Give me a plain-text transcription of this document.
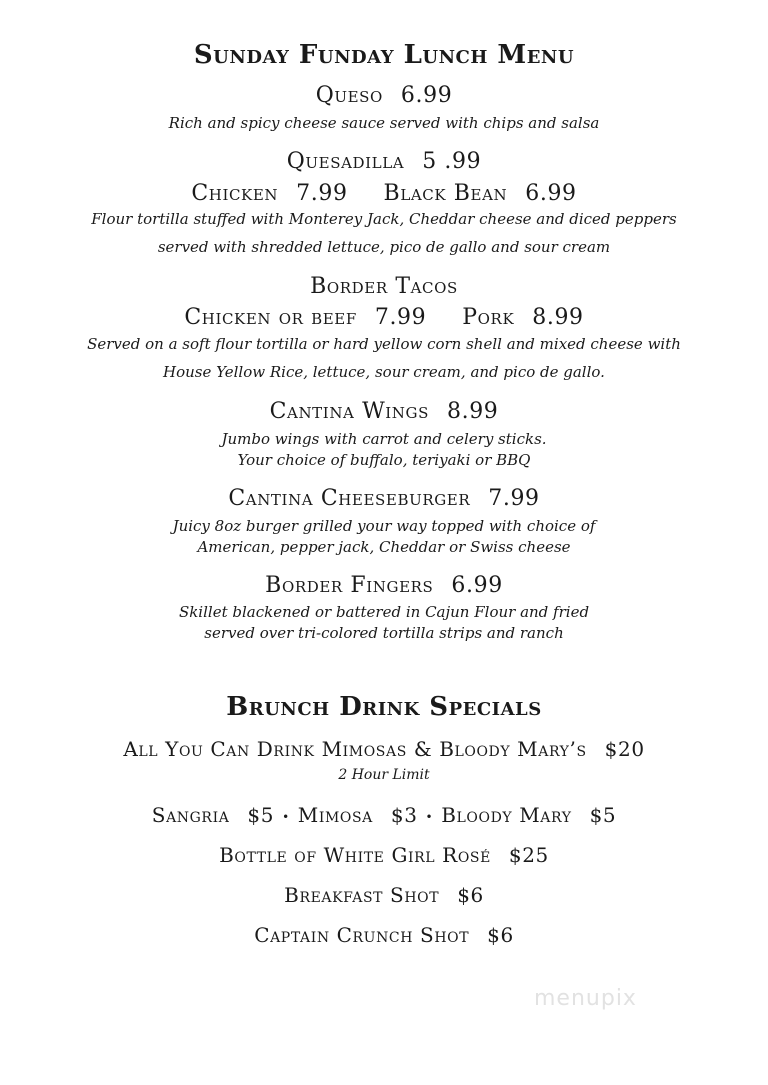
Sunday Funday Lunch Menu
Queso 6.99
Rich and spicy cheese sauce served with chips and salsa
Quesadilla 5 .99
Chicken 7.99 Black Bean 6.99
Flour tortilla stuffed with Monterey Jack, Cheddar cheese and diced peppers
served with shredded lettuce, pico de gallo and sour cream
Border Tacos
Chicken or beef 7.99 Pork 8.99
Served on a soft flour tortilla or hard yellow corn shell and mixed cheese with
House Yellow Rice, lettuce, sour cream, and pico de gallo.
Cantina Wings 8.99
Jumbo wings with carrot and celery sticks.
Your choice of buffalo, teriyaki or BBQ
Cantina Cheeseburger 7.99
Juicy 8oz burger grilled your way topped with choice of
American, pepper jack, Cheddar or Swiss cheese
Border Fingers 6.99
Skillet blackened or battered in Cajun Flour and fried
served over tri-colored tortilla strips and ranch
Brunch Drink Specials
All You Can Drink Mimosas & Bloody Mary’s $20
2 Hour Limit
Sangria $5 • Mimosa $3 • Bloody Mary $5
Bottle of White Girl Rosé $25
Breakfast Shot $6
Captain Crunch Shot $6
menupix
